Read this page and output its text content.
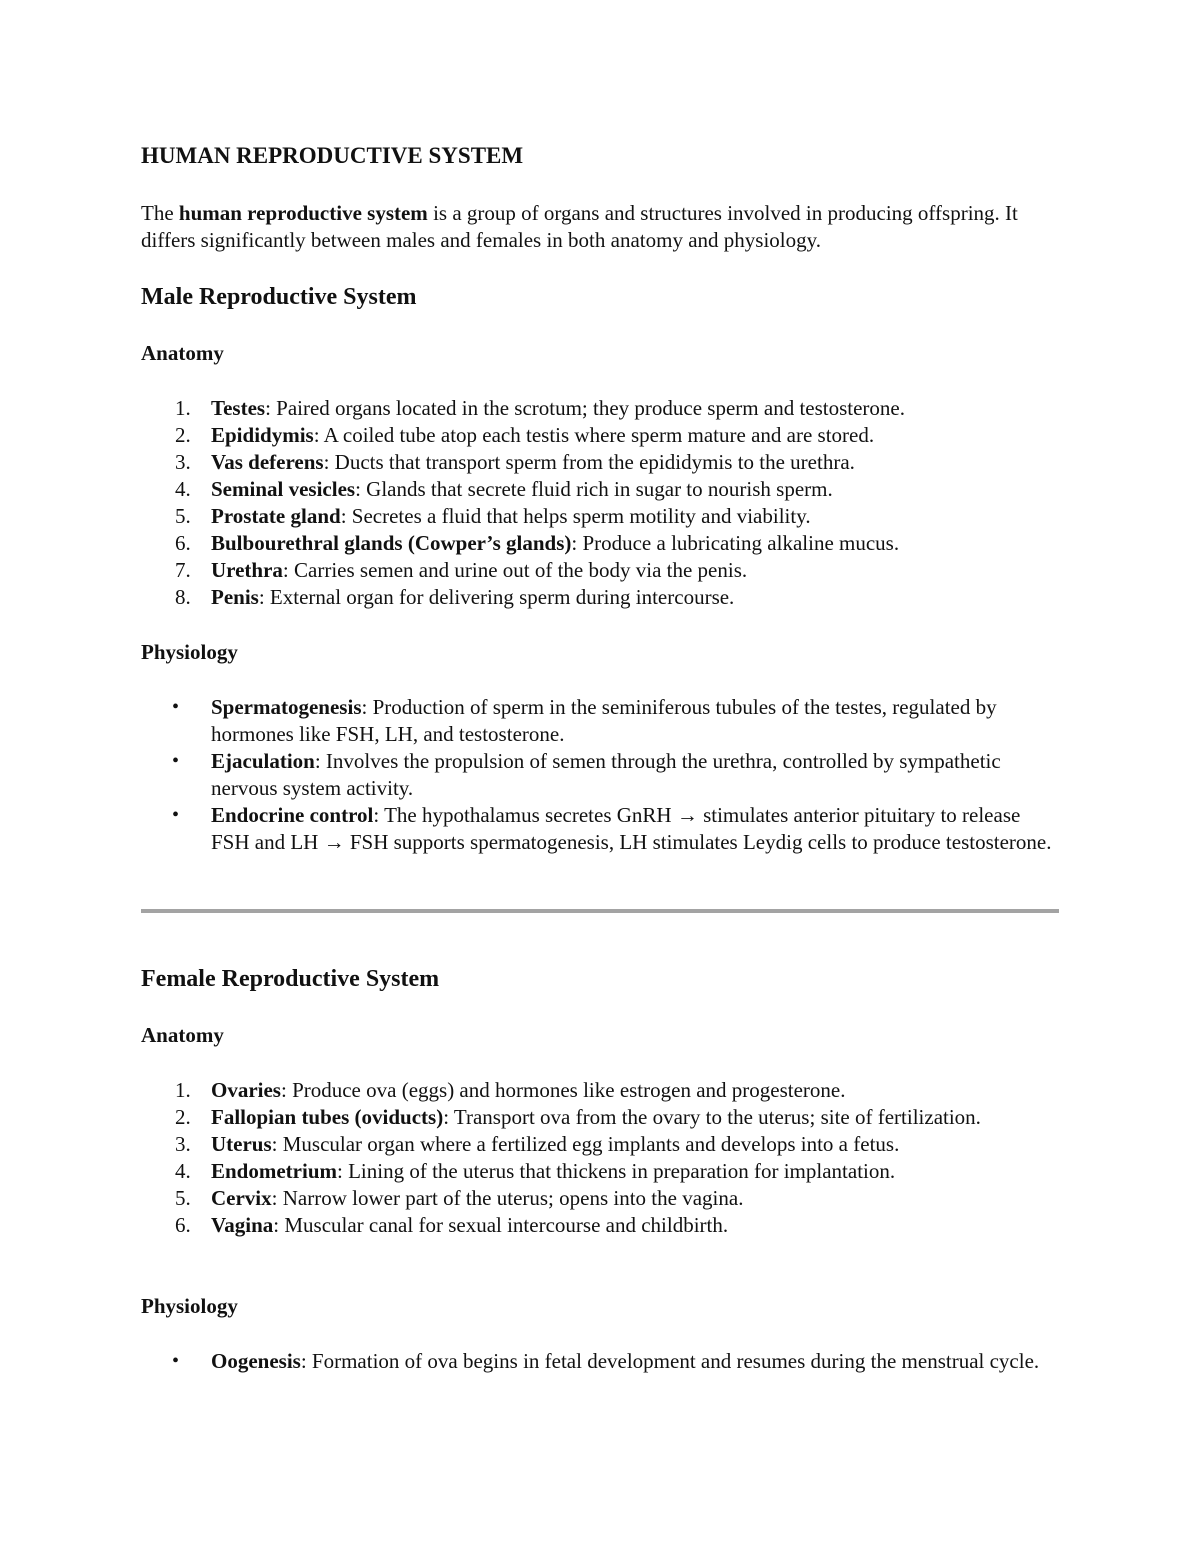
HUMAN REPRODUCTIVE SYSTEM

The human reproductive system is a group of organs and structures involved in producing offspring. It differs significantly between males and females in both anatomy and physiology.

Male Reproductive System
Anatomy
1. Testes: Paired organs located in the scrotum; they produce sperm and testosterone.
2. Epididymis: A coiled tube atop each testis where sperm mature and are stored.
3. Vas deferens: Ducts that transport sperm from the epididymis to the urethra.
4. Seminal vesicles: Glands that secrete fluid rich in sugar to nourish sperm.
5. Prostate gland: Secretes a fluid that helps sperm motility and viability.
6. Bulbourethral glands (Cowper’s glands): Produce a lubricating alkaline mucus.
7. Urethra: Carries semen and urine out of the body via the penis.
8. Penis: External organ for delivering sperm during intercourse.
Physiology
• Spermatogenesis: Production of sperm in the seminiferous tubules of the testes, regulated by hormones like FSH, LH, and testosterone.
• Ejaculation: Involves the propulsion of semen through the urethra, controlled by sympathetic nervous system activity.
• Endocrine control: The hypothalamus secretes GnRH → stimulates anterior pituitary to release FSH and LH → FSH supports spermatogenesis, LH stimulates Leydig cells to produce testosterone.
Female Reproductive System
Anatomy
1. Ovaries: Produce ova (eggs) and hormones like estrogen and progesterone.
2. Fallopian tubes (oviducts): Transport ova from the ovary to the uterus; site of fertilization.
3. Uterus: Muscular organ where a fertilized egg implants and develops into a fetus.
4. Endometrium: Lining of the uterus that thickens in preparation for implantation.
5. Cervix: Narrow lower part of the uterus; opens into the vagina.
6. Vagina: Muscular canal for sexual intercourse and childbirth.
Physiology
• Oogenesis: Formation of ova begins in fetal development and resumes during the menstrual cycle.
